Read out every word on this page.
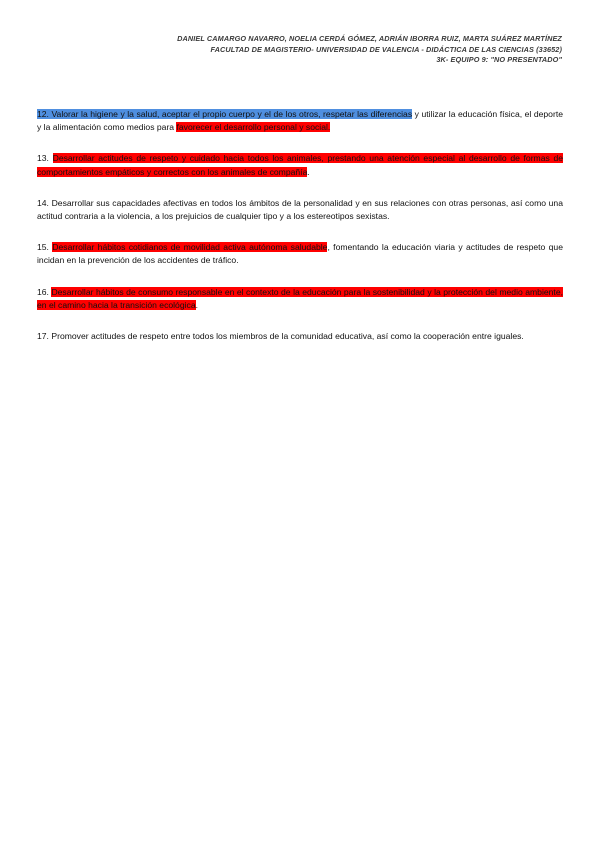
DANIEL CAMARGO NAVARRO, NOELIA CERDÁ GÓMEZ, ADRIÁN IBORRA RUIZ, MARTA SUÁREZ MARTÍNEZ
FACULTAD DE MAGISTERIO- UNIVERSIDAD DE VALENCIA - DIDÁCTICA DE LAS CIENCIAS (33652)
3K- EQUIPO 9: "NO PRESENTADO"

12. Valorar la higiene y la salud, aceptar el propio cuerpo y el de los otros, respetar las diferencias y utilizar la educación física, el deporte y la alimentación como medios para favorecer el desarrollo personal y social.

13. Desarrollar actitudes de respeto y cuidado hacia todos los animales, prestando una atención especial al desarrollo de formas de comportamientos empáticos y correctos con los animales de compañía.

14. Desarrollar sus capacidades afectivas en todos los ámbitos de la personalidad y en sus relaciones con otras personas, así como una actitud contraria a la violencia, a los prejuicios de cualquier tipo y a los estereotipos sexistas.

15. Desarrollar hábitos cotidianos de movilidad activa autónoma saludable, fomentando la educación viaria y actitudes de respeto que incidan en la prevención de los accidentes de tráfico.

16. Desarrollar hábitos de consumo responsable en el contexto de la educación para la sostenibilidad y la protección del medio ambiente, en el camino hacia la transición ecológica.

17. Promover actitudes de respeto entre todos los miembros de la comunidad educativa, así como la cooperación entre iguales.
